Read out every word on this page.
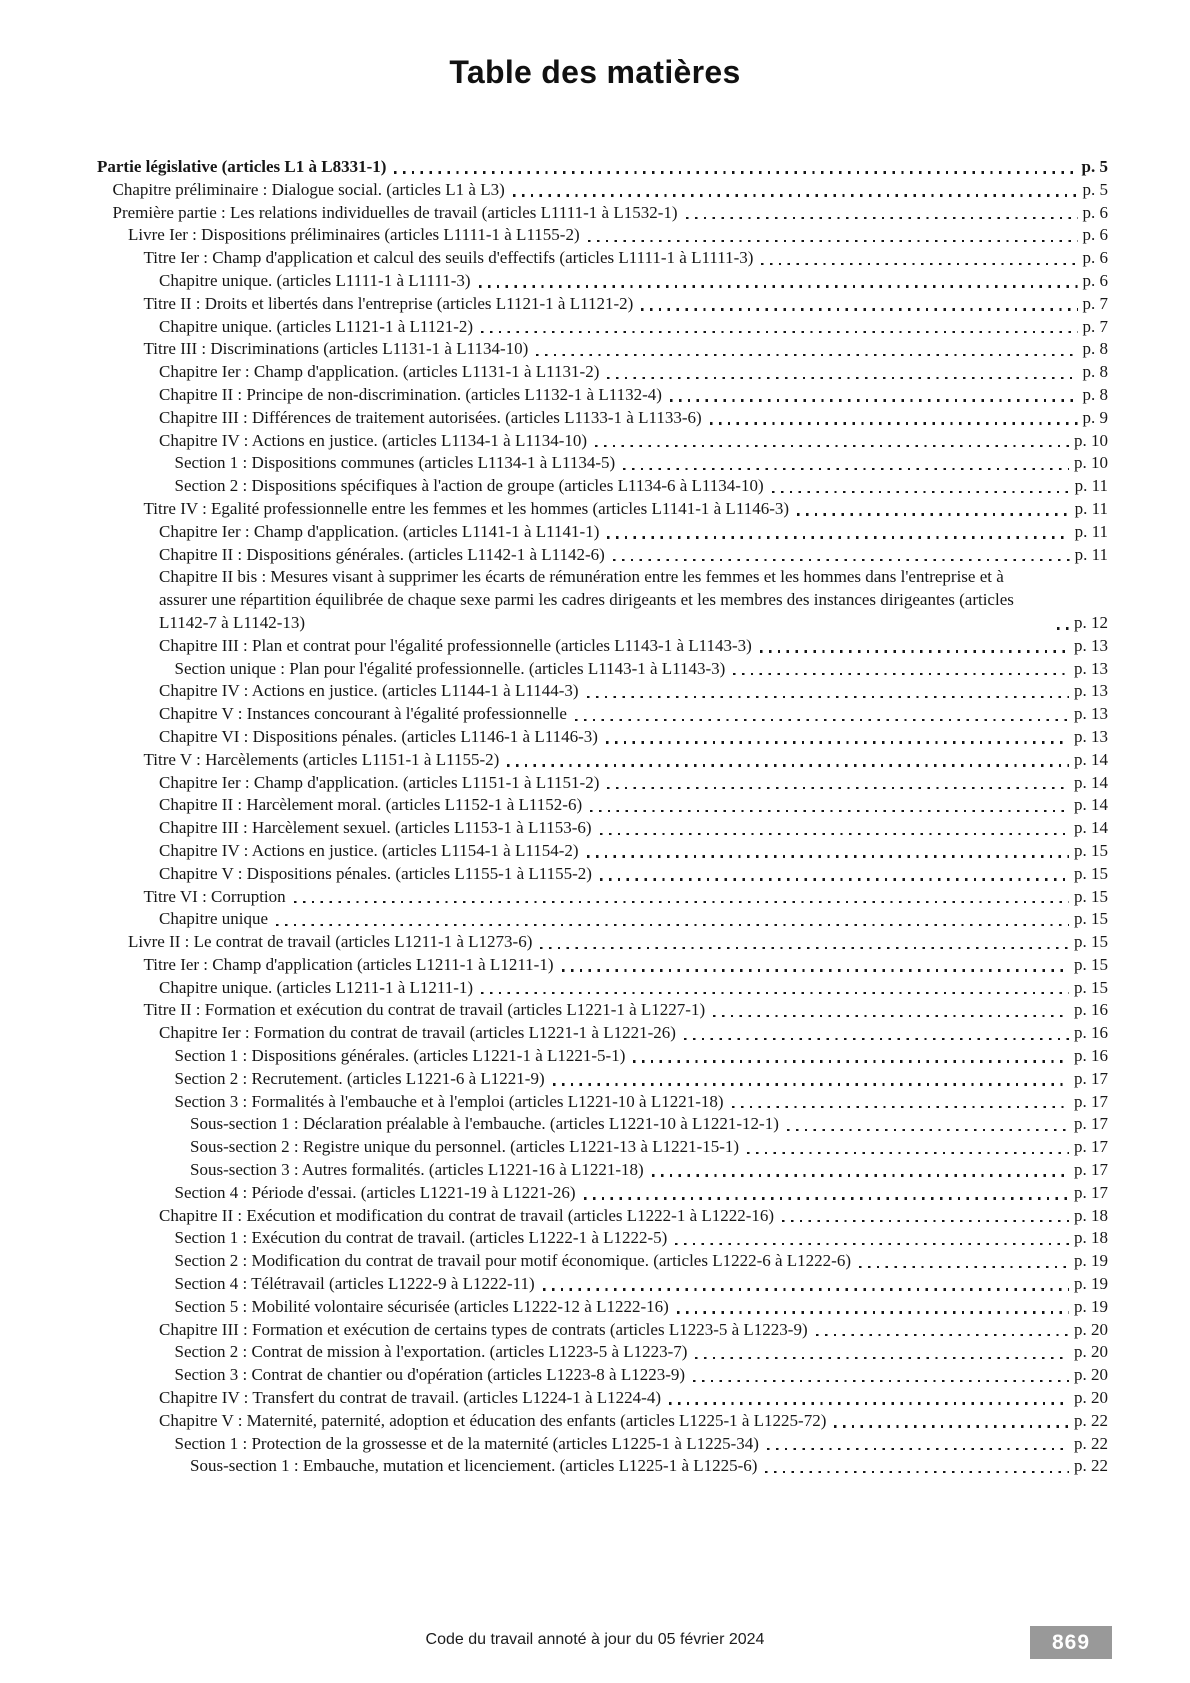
Table des matières
Partie législative (articles L1 à L8331-1)	p. 5
Chapitre préliminaire : Dialogue social. (articles L1 à L3)	p. 5
Première partie : Les relations individuelles de travail (articles L1111-1 à L1532-1)	p. 6
Livre Ier : Dispositions préliminaires (articles L1111-1 à L1155-2)	p. 6
Titre Ier : Champ d'application et calcul des seuils d'effectifs (articles L1111-1 à L1111-3)	p. 6
Chapitre unique. (articles L1111-1 à L1111-3)	p. 6
Titre II : Droits et libertés dans l'entreprise (articles L1121-1 à L1121-2)	p. 7
Chapitre unique. (articles L1121-1 à L1121-2)	p. 7
Titre III : Discriminations (articles L1131-1 à L1134-10)	p. 8
Chapitre Ier : Champ d'application. (articles L1131-1 à L1131-2)	p. 8
Chapitre II : Principe de non-discrimination. (articles L1132-1 à L1132-4)	p. 8
Chapitre III : Différences de traitement autorisées. (articles L1133-1 à L1133-6)	p. 9
Chapitre IV : Actions en justice. (articles L1134-1 à L1134-10)	p. 10
Section 1 : Dispositions communes (articles L1134-1 à L1134-5)	p. 10
Section 2 : Dispositions spécifiques à l'action de groupe (articles L1134-6 à L1134-10)	p. 11
Titre IV : Egalité professionnelle entre les femmes et les hommes (articles L1141-1 à L1146-3)	p. 11
Chapitre Ier : Champ d'application. (articles L1141-1 à L1141-1)	p. 11
Chapitre II : Dispositions générales. (articles L1142-1 à L1142-6)	p. 11
Chapitre II bis : Mesures visant à supprimer les écarts de rémunération entre les femmes et les hommes dans l'entreprise et à assurer une répartition équilibrée de chaque sexe parmi les cadres dirigeants et les membres des instances dirigeantes (articles L1142-7 à L1142-13)	p. 12
Chapitre III : Plan et contrat pour l'égalité professionnelle (articles L1143-1 à L1143-3)	p. 13
Section unique : Plan pour l'égalité professionnelle. (articles L1143-1 à L1143-3)	p. 13
Chapitre IV : Actions en justice. (articles L1144-1 à L1144-3)	p. 13
Chapitre V : Instances concourant à l'égalité professionnelle	p. 13
Chapitre VI : Dispositions pénales. (articles L1146-1 à L1146-3)	p. 13
Titre V : Harcèlements (articles L1151-1 à L1155-2)	p. 14
Chapitre Ier : Champ d'application. (articles L1151-1 à L1151-2)	p. 14
Chapitre II : Harcèlement moral. (articles L1152-1 à L1152-6)	p. 14
Chapitre III : Harcèlement sexuel. (articles L1153-1 à L1153-6)	p. 14
Chapitre IV : Actions en justice. (articles L1154-1 à L1154-2)	p. 15
Chapitre V : Dispositions pénales. (articles L1155-1 à L1155-2)	p. 15
Titre VI : Corruption	p. 15
Chapitre unique	p. 15
Livre II : Le contrat de travail (articles L1211-1 à L1273-6)	p. 15
Titre Ier : Champ d'application (articles L1211-1 à L1211-1)	p. 15
Chapitre unique. (articles L1211-1 à L1211-1)	p. 15
Titre II : Formation et exécution du contrat de travail (articles L1221-1 à L1227-1)	p. 16
Chapitre Ier : Formation du contrat de travail (articles L1221-1 à L1221-26)	p. 16
Section 1 : Dispositions générales. (articles L1221-1 à L1221-5-1)	p. 16
Section 2 : Recrutement. (articles L1221-6 à L1221-9)	p. 17
Section 3 : Formalités à l'embauche et à l'emploi (articles L1221-10 à L1221-18)	p. 17
Sous-section 1 : Déclaration préalable à l'embauche. (articles L1221-10 à L1221-12-1)	p. 17
Sous-section 2 : Registre unique du personnel. (articles L1221-13 à L1221-15-1)	p. 17
Sous-section 3 : Autres formalités. (articles L1221-16 à L1221-18)	p. 17
Section 4 : Période d'essai. (articles L1221-19 à L1221-26)	p. 17
Chapitre II : Exécution et modification du contrat de travail (articles L1222-1 à L1222-16)	p. 18
Section 1 : Exécution du contrat de travail. (articles L1222-1 à L1222-5)	p. 18
Section 2 : Modification du contrat de travail pour motif économique. (articles L1222-6 à L1222-6)	p. 19
Section 4 : Télétravail (articles L1222-9 à L1222-11)	p. 19
Section 5 : Mobilité volontaire sécurisée (articles L1222-12 à L1222-16)	p. 19
Chapitre III : Formation et exécution de certains types de contrats (articles L1223-5 à L1223-9)	p. 20
Section 2 : Contrat de mission à l'exportation. (articles L1223-5 à L1223-7)	p. 20
Section 3 : Contrat de chantier ou d'opération (articles L1223-8 à L1223-9)	p. 20
Chapitre IV : Transfert du contrat de travail. (articles L1224-1 à L1224-4)	p. 20
Chapitre V : Maternité, paternité, adoption et éducation des enfants (articles L1225-1 à L1225-72)	p. 22
Section 1 : Protection de la grossesse et de la maternité (articles L1225-1 à L1225-34)	p. 22
Sous-section 1 : Embauche, mutation et licenciement. (articles L1225-1 à L1225-6)	p. 22
Code du travail annoté à jour du 05 février 2024	869
